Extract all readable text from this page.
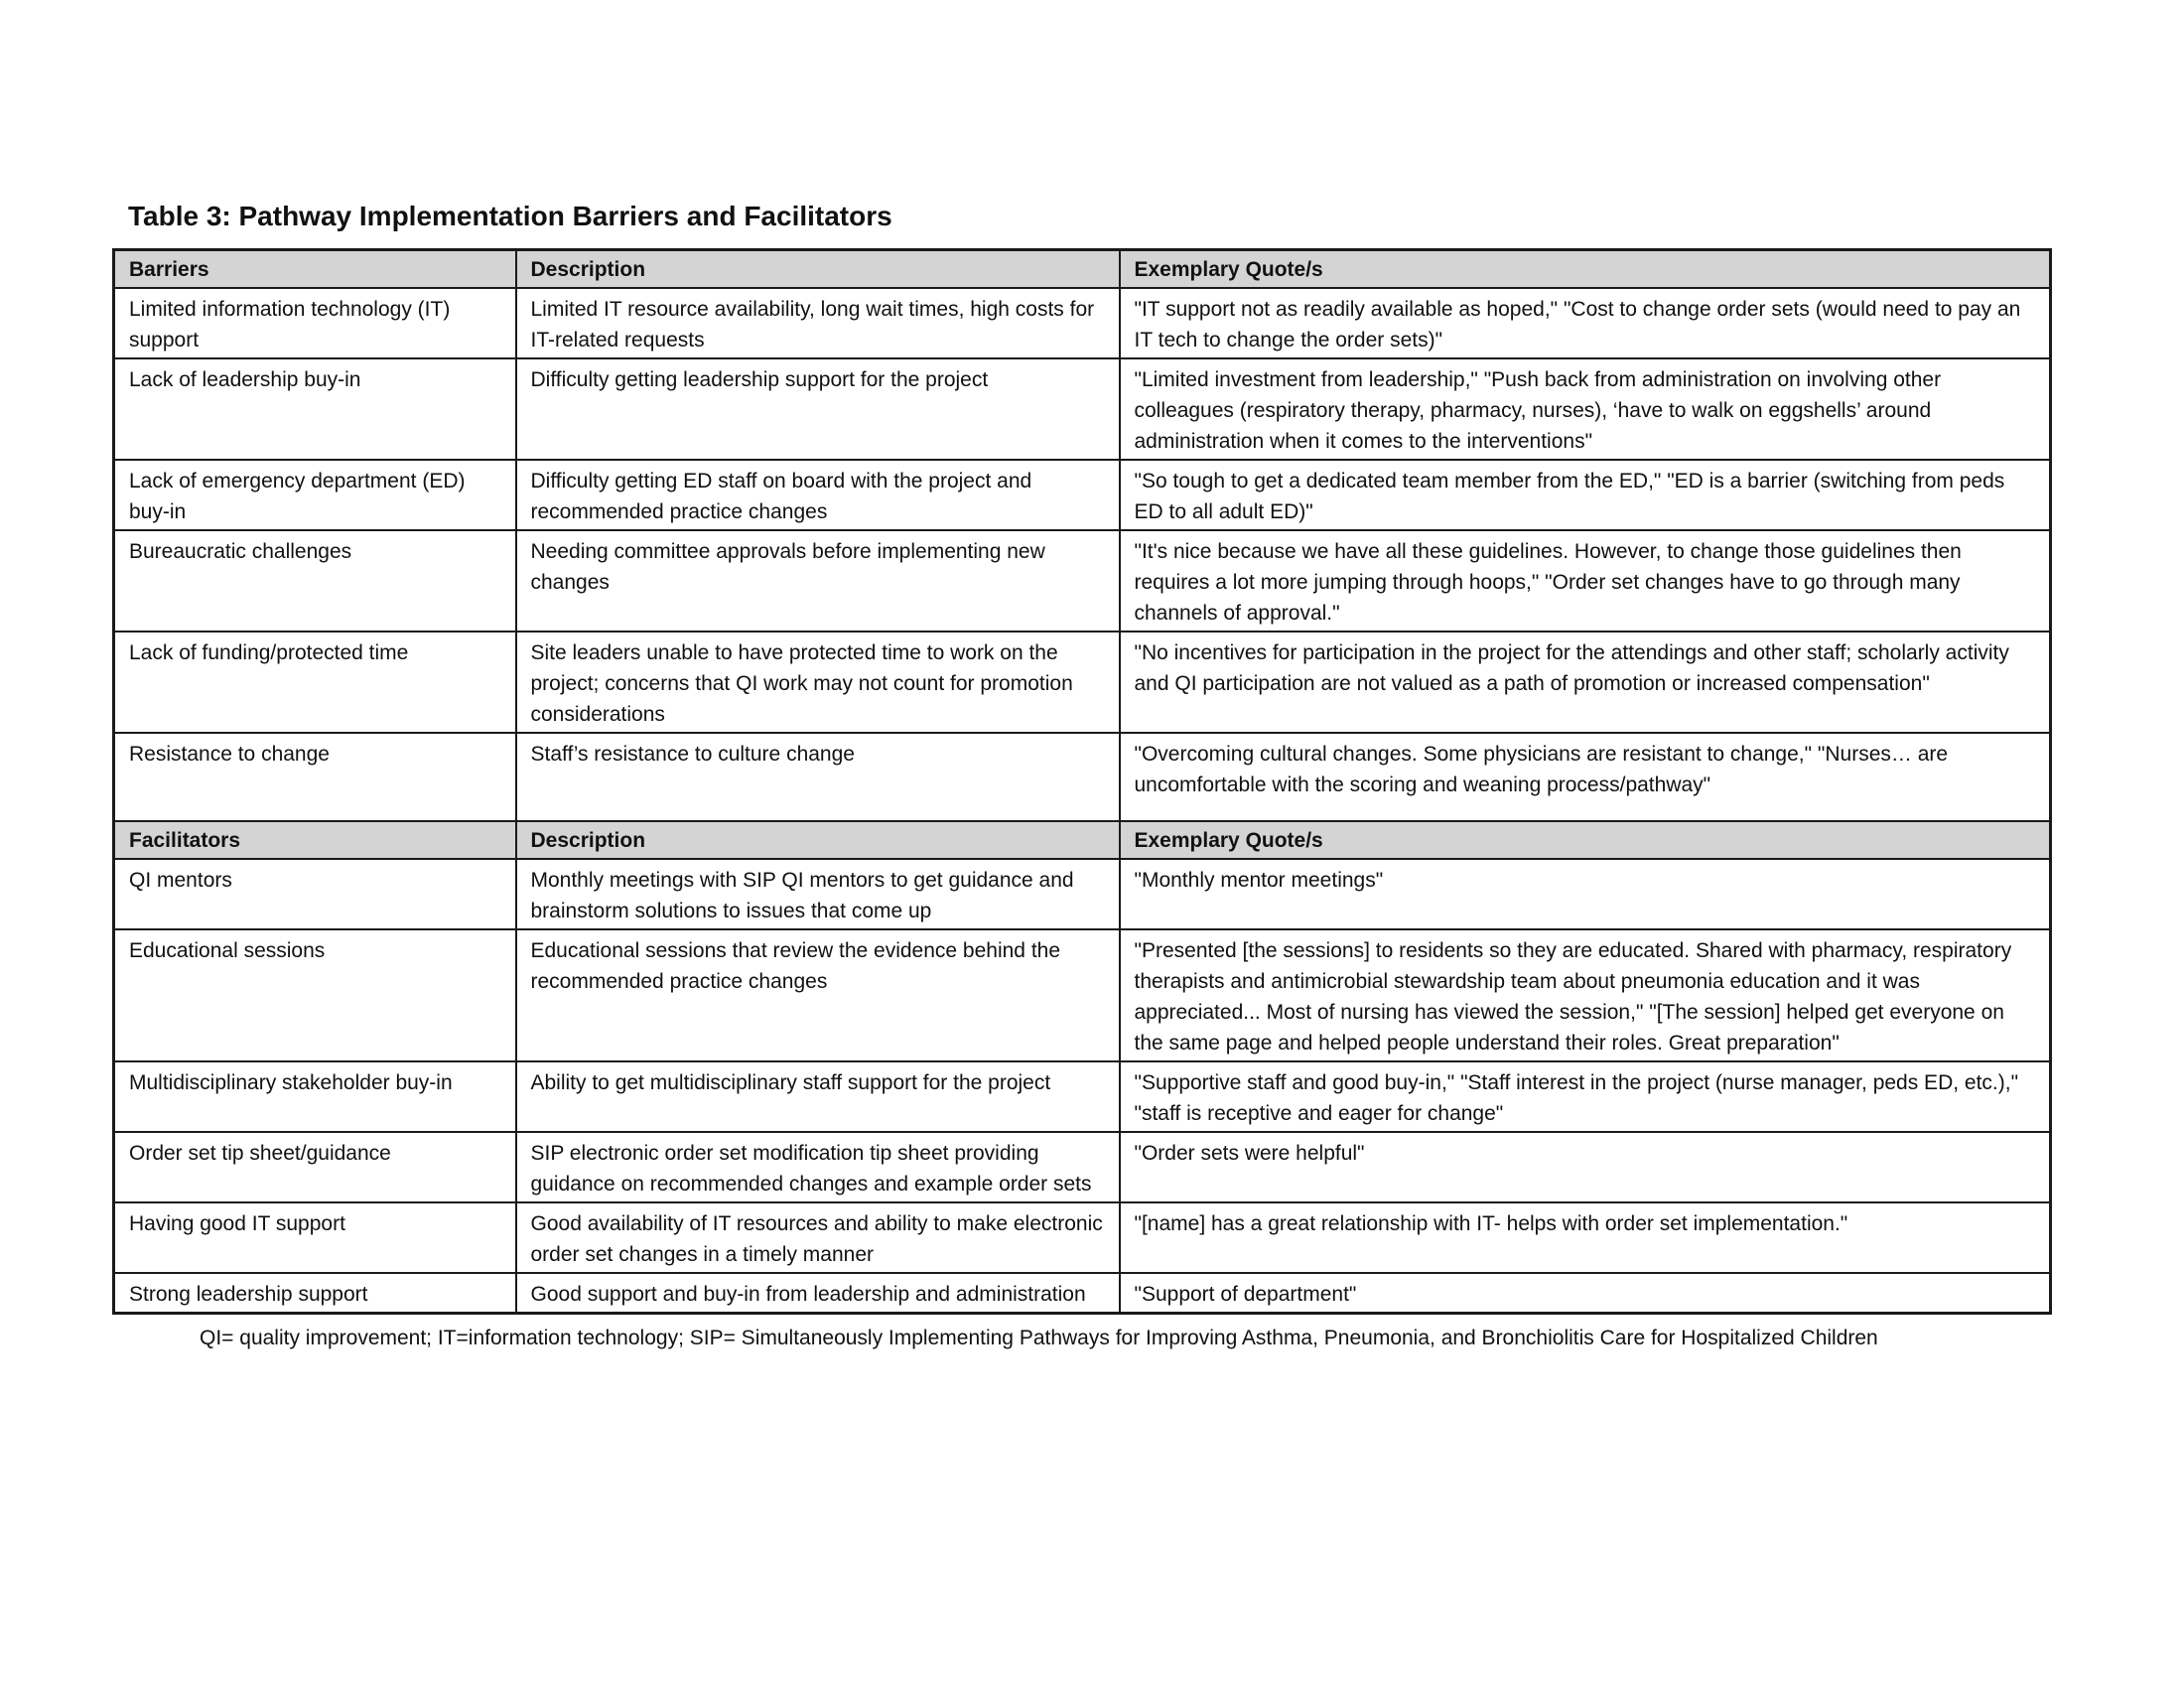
Table 3: Pathway Implementation Barriers and Facilitators
Barriers	Description	Exemplary Quote/s
Limited information technology (IT) support	Limited IT resource availability, long wait times, high costs for IT-related requests	"IT support not as readily available as hoped," "Cost to change order sets (would need to pay an IT tech to change the order sets)"
Lack of leadership buy-in	Difficulty getting leadership support for the project	"Limited investment from leadership," "Push back from administration on involving other colleagues (respiratory therapy, pharmacy, nurses), ‘have to walk on eggshells’ around administration when it comes to the interventions"
Lack of emergency department (ED) buy-in	Difficulty getting ED staff on board with the project and recommended practice changes	"So tough to get a dedicated team member from the ED," "ED is a barrier (switching from peds ED to all adult ED)"
Bureaucratic challenges	Needing committee approvals before implementing new changes	"It's nice because we have all these guidelines. However, to change those guidelines then requires a lot more jumping through hoops," "Order set changes have to go through many channels of approval."
Lack of funding/protected time	Site leaders unable to have protected time to work on the project; concerns that QI work may not count for promotion considerations	"No incentives for participation in the project for the attendings and other staff; scholarly activity and QI participation are not valued as a path of promotion or increased compensation"
Resistance to change	Staff’s resistance to culture change	"Overcoming cultural changes. Some physicians are resistant to change," "Nurses… are uncomfortable with the scoring and weaning process/pathway"
Facilitators	Description	Exemplary Quote/s
QI mentors	Monthly meetings with SIP QI mentors to get guidance and brainstorm solutions to issues that come up	"Monthly mentor meetings"
Educational sessions	Educational sessions that review the evidence behind the recommended practice changes	"Presented [the sessions] to residents so they are educated. Shared with pharmacy, respiratory therapists and antimicrobial stewardship team about pneumonia education and it was appreciated... Most of nursing has viewed the session," "[The session] helped get everyone on the same page and helped people understand their roles. Great preparation"
Multidisciplinary stakeholder buy-in	Ability to get multidisciplinary staff support for the project	"Supportive staff and good buy-in," "Staff interest in the project (nurse manager, peds ED, etc.)," "staff is receptive and eager for change"
Order set tip sheet/guidance	SIP electronic order set modification tip sheet providing guidance on recommended changes and example order sets	"Order sets were helpful"
Having good IT support	Good availability of IT resources and ability to make electronic order set changes in a timely manner	"[name] has a great relationship with IT- helps with order set implementation."
Strong leadership support	Good support and buy-in from leadership and administration	"Support of department"
QI= quality improvement; IT=information technology; SIP= Simultaneously Implementing Pathways for Improving Asthma, Pneumonia, and Bronchiolitis Care for Hospitalized Children
